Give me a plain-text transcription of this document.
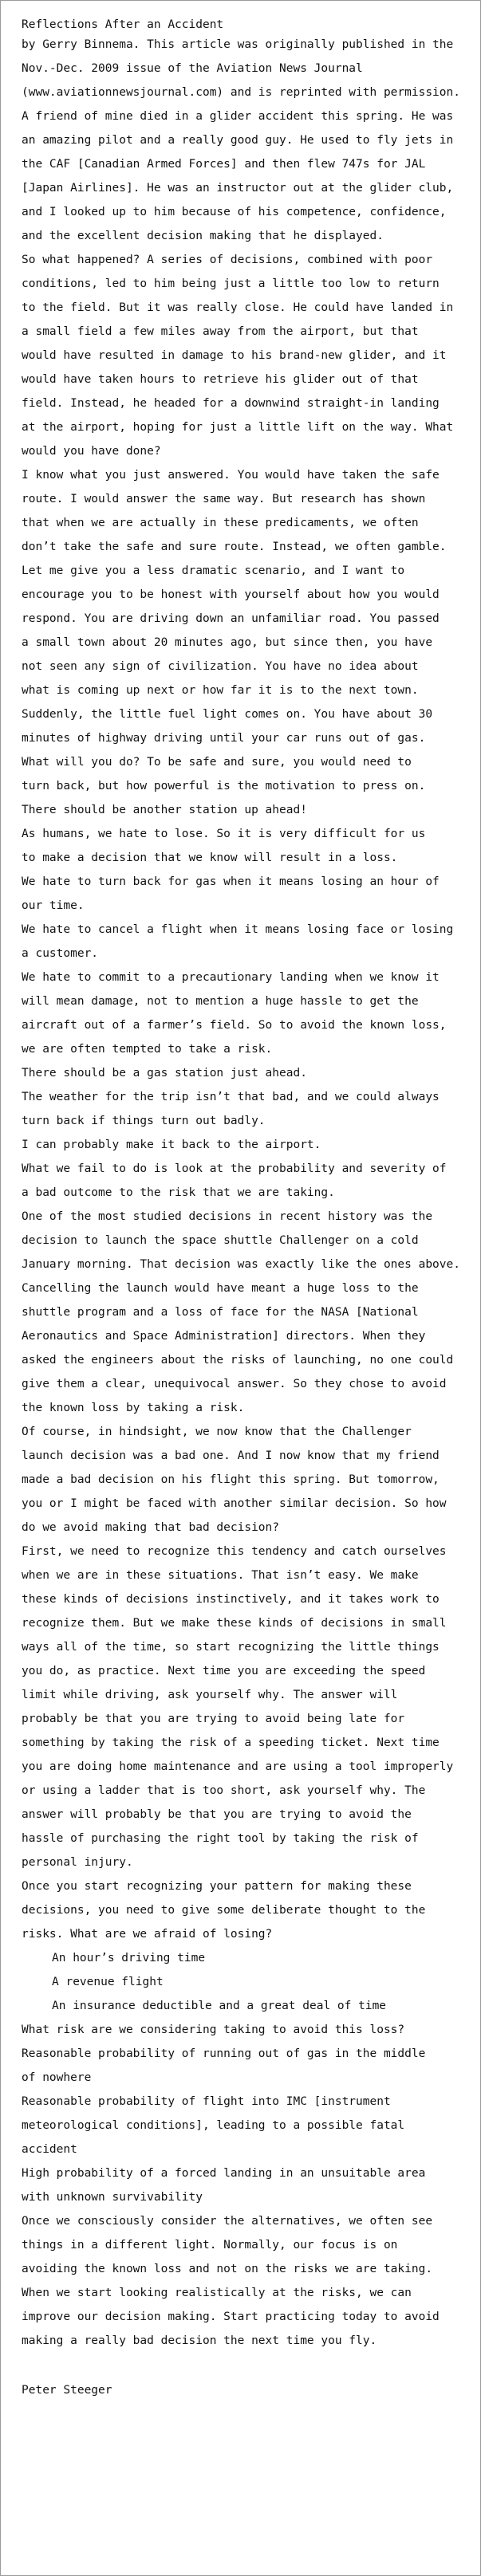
Reflections After an Accident
by Gerry Binnema. This article was originally published in the
Nov.-Dec. 2009 issue of the Aviation News Journal
(www.aviationnewsjournal.com) and is reprinted with permission.
A friend of mine died in a glider accident this spring. He was
an amazing pilot and a really good guy. He used to fly jets in
the CAF [Canadian Armed Forces] and then flew 747s for JAL
[Japan Airlines]. He was an instructor out at the glider club,
and I looked up to him because of his competence, confidence,
and the excellent decision making that he displayed.
So what happened? A series of decisions, combined with poor
conditions, led to him being just a little too low to return
to the field. But it was really close. He could have landed in
a small field a few miles away from the airport, but that
would have resulted in damage to his brand-new glider, and it
would have taken hours to retrieve his glider out of that
field. Instead, he headed for a downwind straight-in landing
at the airport, hoping for just a little lift on the way. What
would you have done?
I know what you just answered. You would have taken the safe
route. I would answer the same way. But research has shown
that when we are actually in these predicaments, we often
don’t take the safe and sure route. Instead, we often gamble.
Let me give you a less dramatic scenario, and I want to
encourage you to be honest with yourself about how you would
respond. You are driving down an unfamiliar road. You passed
a small town about 20 minutes ago, but since then, you have
not seen any sign of civilization. You have no idea about
what is coming up next or how far it is to the next town.
Suddenly, the little fuel light comes on. You have about 30
minutes of highway driving until your car runs out of gas.
What will you do? To be safe and sure, you would need to
turn back, but how powerful is the motivation to press on.
There should be another station up ahead!
As humans, we hate to lose. So it is very difficult for us
to make a decision that we know will result in a loss.
We hate to turn back for gas when it means losing an hour of
our time.
We hate to cancel a flight when it means losing face or losing
a customer.
We hate to commit to a precautionary landing when we know it
will mean damage, not to mention a huge hassle to get the
aircraft out of a farmer’s field. So to avoid the known loss,
we are often tempted to take a risk.
There should be a gas station just ahead.
The weather for the trip isn’t that bad, and we could always
turn back if things turn out badly.
I can probably make it back to the airport.
What we fail to do is look at the probability and severity of
a bad outcome to the risk that we are taking.
One of the most studied decisions in recent history was the
decision to launch the space shuttle Challenger on a cold
January morning. That decision was exactly like the ones above.
Cancelling the launch would have meant a huge loss to the
shuttle program and a loss of face for the NASA [National
Aeronautics and Space Administration] directors. When they
asked the engineers about the risks of launching, no one could
give them a clear, unequivocal answer. So they chose to avoid
the known loss by taking a risk.
Of course, in hindsight, we now know that the Challenger
launch decision was a bad one. And I now know that my friend
made a bad decision on his flight this spring. But tomorrow,
you or I might be faced with another similar decision. So how
do we avoid making that bad decision?
First, we need to recognize this tendency and catch ourselves
when we are in these situations. That isn’t easy. We make
these kinds of decisions instinctively, and it takes work to
recognize them. But we make these kinds of decisions in small
ways all of the time, so start recognizing the little things
you do, as practice. Next time you are exceeding the speed
limit while driving, ask yourself why. The answer will
probably be that you are trying to avoid being late for
something by taking the risk of a speeding ticket. Next time
you are doing home maintenance and are using a tool improperly
or using a ladder that is too short, ask yourself why. The
answer will probably be that you are trying to avoid the
hassle of purchasing the right tool by taking the risk of
personal injury.
Once you start recognizing your pattern for making these
decisions, you need to give some deliberate thought to the
risks. What are we afraid of losing?
An hour’s driving time
A revenue flight
An insurance deductible and a great deal of time
What risk are we considering taking to avoid this loss?
Reasonable probability of running out of gas in the middle
of nowhere
Reasonable probability of flight into IMC [instrument
meteorological conditions], leading to a possible fatal
accident
High probability of a forced landing in an unsuitable area
with unknown survivability
Once we consciously consider the alternatives, we often see
things in a different light. Normally, our focus is on
avoiding the known loss and not on the risks we are taking.
When we start looking realistically at the risks, we can
improve our decision making. Start practicing today to avoid
making a really bad decision the next time you fly.
Peter Steeger
